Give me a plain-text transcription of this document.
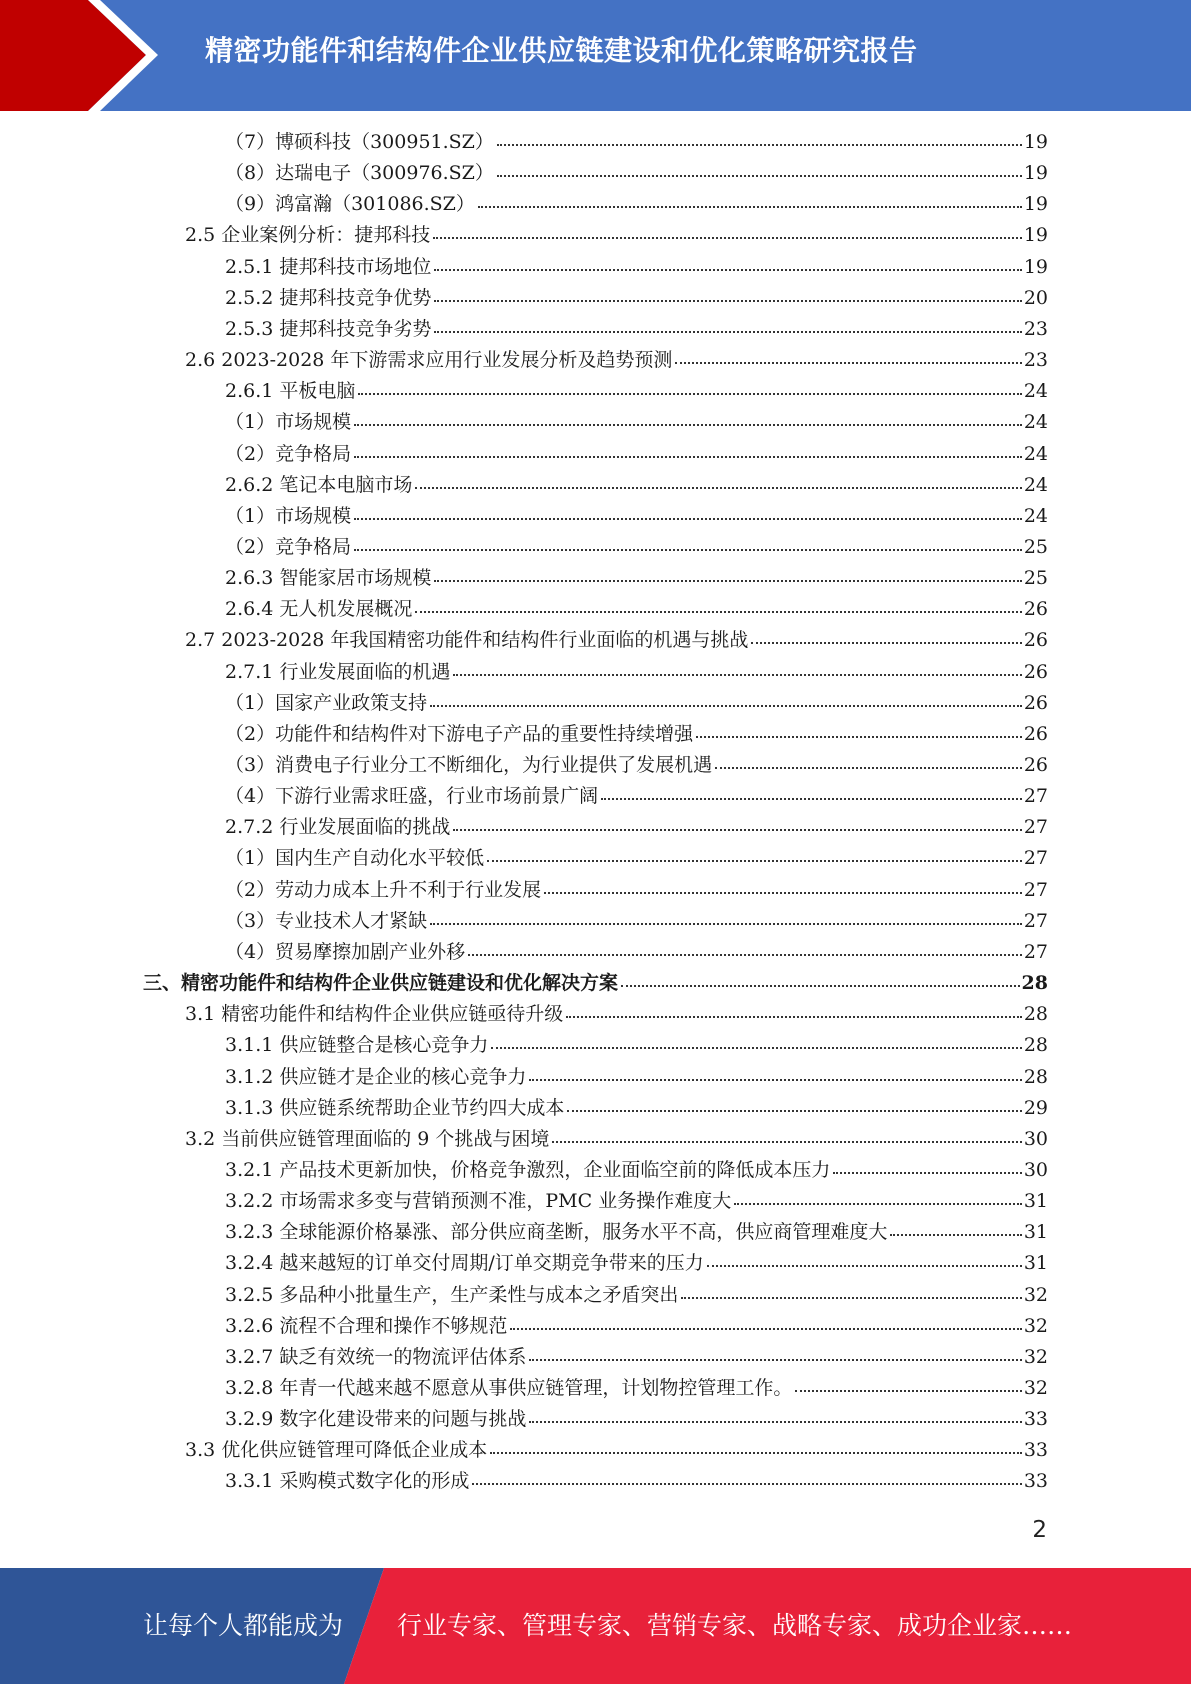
精密功能件和结构件企业供应链建设和优化策略研究报告
（7）博硕科技（300951.SZ）	19
（8）达瑞电子（300976.SZ）	19
（9）鸿富瀚（301086.SZ）	19
2.5 企业案例分析：捷邦科技	19
2.5.1 捷邦科技市场地位	19
2.5.2 捷邦科技竞争优势	20
2.5.3 捷邦科技竞争劣势	23
2.6 2023-2028 年下游需求应用行业发展分析及趋势预测	23
2.6.1 平板电脑	24
（1）市场规模	24
（2）竞争格局	24
2.6.2 笔记本电脑市场	24
（1）市场规模	24
（2）竞争格局	25
2.6.3 智能家居市场规模	25
2.6.4 无人机发展概况	26
2.7 2023-2028 年我国精密功能件和结构件行业面临的机遇与挑战	26
2.7.1 行业发展面临的机遇	26
（1）国家产业政策支持	26
（2）功能件和结构件对下游电子产品的重要性持续增强	26
（3）消费电子行业分工不断细化，为行业提供了发展机遇	26
（4）下游行业需求旺盛，行业市场前景广阔	27
2.7.2 行业发展面临的挑战	27
（1）国内生产自动化水平较低	27
（2）劳动力成本上升不利于行业发展	27
（3）专业技术人才紧缺	27
（4）贸易摩擦加剧产业外移	27
三、精密功能件和结构件企业供应链建设和优化解决方案	28
3.1 精密功能件和结构件企业供应链亟待升级	28
3.1.1 供应链整合是核心竞争力	28
3.1.2 供应链才是企业的核心竞争力	28
3.1.3 供应链系统帮助企业节约四大成本	29
3.2 当前供应链管理面临的 9 个挑战与困境	30
3.2.1 产品技术更新加快，价格竞争激烈，企业面临空前的降低成本压力	30
3.2.2 市场需求多变与营销预测不准，PMC 业务操作难度大	31
3.2.3 全球能源价格暴涨、部分供应商垄断，服务水平不高，供应商管理难度大	31
3.2.4 越来越短的订单交付周期/订单交期竞争带来的压力	31
3.2.5 多品种小批量生产，生产柔性与成本之矛盾突出	32
3.2.6 流程不合理和操作不够规范	32
3.2.7 缺乏有效统一的物流评估体系	32
3.2.8 年青一代越来越不愿意从事供应链管理，计划物控管理工作。	32
3.2.9 数字化建设带来的问题与挑战	33
3.3 优化供应链管理可降低企业成本	33
3.3.1 采购模式数字化的形成	33
2
让每个人都能成为 行业专家、管理专家、营销专家、战略专家、成功企业家……
